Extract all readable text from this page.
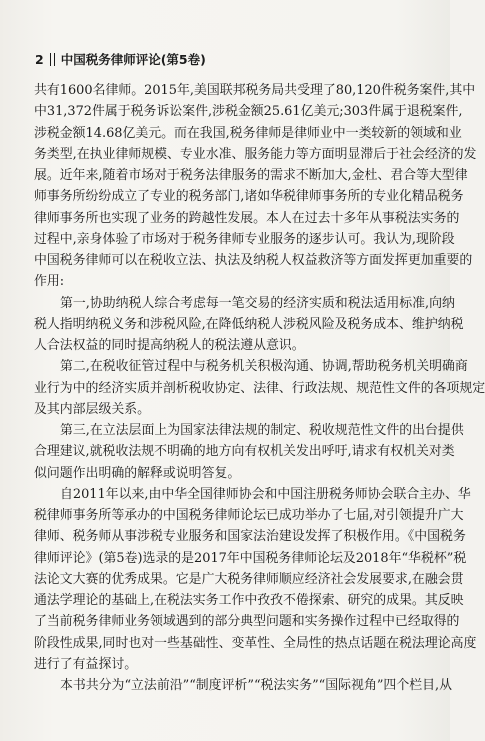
2 中国税务律师评论(第5卷)
共有1600名律师。2015年,美国联邦税务局共受理了80,120件税务案件,其中
中31,372件属于税务诉讼案件,涉税金额25.61亿美元;303件属于退税案件,
涉税金额14.68亿美元。而在我国,税务律师是律师业中一类较新的领域和业
务类型,在执业律师规模、专业水准、服务能力等方面明显滞后于社会经济的发
展。近年来,随着市场对于税务法律服务的需求不断加大,金杜、君合等大型律
师事务所纷纷成立了专业的税务部门,诸如华税律师事务所的专业化精品税务
律师事务所也实现了业务的跨越性发展。本人在过去十多年从事税法实务的
过程中,亲身体验了市场对于税务律师专业服务的逐步认可。我认为,现阶段
中国税务律师可以在税收立法、执法及纳税人权益救济等方面发挥更加重要的
作用:
第一,协助纳税人综合考虑每一笔交易的经济实质和税法适用标准,向纳
税人指明纳税义务和涉税风险,在降低纳税人涉税风险及税务成本、维护纳税
人合法权益的同时提高纳税人的税法遵从意识。
第二,在税收征管过程中与税务机关积极沟通、协调,帮助税务机关明确商
业行为中的经济实质并剖析税收协定、法律、行政法规、规范性文件的各项规定
及其内部层级关系。
第三,在立法层面上为国家法律法规的制定、税收规范性文件的出台提供
合理建议,就税收法规不明确的地方向有权机关发出呼吁,请求有权机关对类
似问题作出明确的解释或说明答复。
自2011年以来,由中华全国律师协会和中国注册税务师协会联合主办、华
税律师事务所等承办的中国税务律师论坛已成功举办了七届,对引领提升广大
律师、税务师从事涉税专业服务和国家法治建设发挥了积极作用。《中国税务
律师评论》(第5卷)选录的是2017年中国税务律师论坛及2018年“华税杯”税
法论文大赛的优秀成果。它是广大税务律师顺应经济社会发展要求,在融会贯
通法学理论的基础上,在税法实务工作中孜孜不倦探索、研究的成果。其反映
了当前税务律师业务领域遇到的部分典型问题和实务操作过程中已经取得的
阶段性成果,同时也对一些基础性、变革性、全局性的热点话题在税法理论高度
进行了有益探讨。
本书共分为“立法前沿”“制度评析”“税法实务”“国际视角”四个栏目,从
